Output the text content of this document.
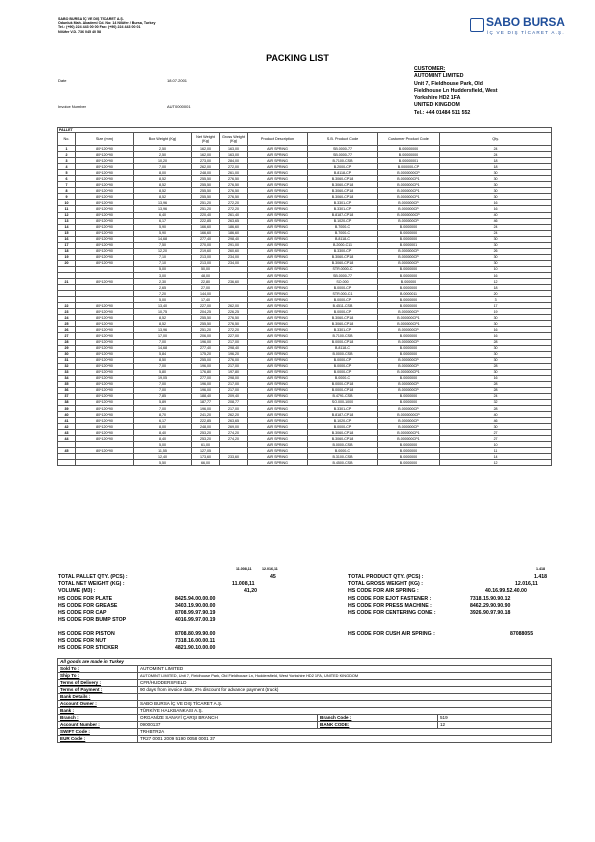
SABO BURSA İÇ VE DIŞ TİCARET A.Ş.
Odunluk Mah. Akademi Cd. No: 14 Nilüfer / Bursa, Turkey
Tel.: (+90) 224 443 00 00 Fax: (+90) 224 443 00 01
Nilüfer V.D. 736 045 40 58
SABO BURSA
İÇ VE DIŞ TİCARET A.Ş.
PACKING LIST
CUSTOMER:
AUTOMINT LIMITED
Unit 7, Fieldhouse Park, Old
Fieldhouse Ln Huddersfield, West
Yorkshire HD2 1FA
UNITED KINGDOM
Tel.: +44 01484 511 552
Date	18.07.2001
Invoice Number	AUT0000001
PALLET								
No.	Size (mm)	Box Weight (Kg)	Net Weight (Kg)	Gross Weight (Kg)	Product Description	S.B. Product Code	Customer Product Code	Qty.
1	80*120*90	2,50	162,00	163,00	AIR SPRING	SB.0000-77	B.00000000	24
2	80*120*90	2,50	162,00	163,00	AIR SPRING	SB.0000-77	B.00000000	24
3	80*120*90	10,20	273,00	284,00	AIR SPRING	B.7100-CSB	B.00000001	18
4	80*120*90	7,00	262,00	272,00	AIR SPRING	B.2000-CP	B.000000-CP	18
5	80*120*90	8,00	248,00	261,00	AIR SPRING	B.8118-CP	B.0000000CP	30
6	80*120*90	8,52	255,50	276,50	AIR SPRING	B.3060-CP18	B.000000CP1	30
7	80*120*90	8,52	255,50	276,50	AIR SPRING	B.3060-CP18	B.000000CP1	30
8	80*120*90	8,52	255,50	276,50	AIR SPRING	B.3060-CP18	B.000000CP1	30
9	80*120*90	8,52	255,50	276,50	AIR SPRING	B.3060-CP18	B.000000CP1	30
10	80*120*90	13,96	251,20	272,20	AIR SPRING	B.3301-CP	B.000000CP	16
11	80*120*90	13,96	251,20	272,20	AIR SPRING	B.3301-CP	B.000000CP	16
12	80*120*90	6,40	220,40	261,40	AIR SPRING	B.8187-CP18	B.0000000CP	40
13	80*120*90	6,17	222,85	263,65	AIR SPRING	B.1020-CP	B.000000CP	46
14	80*120*90	5,90	166,60	186,60	AIR SPRING	B.7000-C	B.0000000	24
15	80*120*90	5,90	166,60	186,60	AIR SPRING	B.7000-C	B.0000000	24
16	80*120*90	14,68	277,40	298,40	AIR SPRING	B.8118-C	B.0000000	30
17	80*120*90	7,50	270,00	291,00	AIR SPRING	B.2000-C11	B.0000001	30
18	80*120*90	12,20	219,60	260,60	AIR SPRING	B.3300-CP	B.000000CP	26
19	80*120*90	7,10	213,00	234,00	AIR SPRING	B.3060-CP18	B.000000CP	30
20	80*120*90	7,10	213,00	234,00	AIR SPRING	B.3060-CP18	B.000000CP	30
		5,00	50,00		AIR SPRING	STR.0000-C	B.0000000	10
		3,00	48,00		AIR SPRING	SB.0000-77	B.0000000	16
21	80*120*90	2,30	22,80	236,60	AIR SPRING	SO.000	B.000000	12
		2,65	27,00		AIR SPRING	B.0000-CP	B.0000000	18
		7,20	144,00		AIR SPRING	STR.000-C1	B.0000011	20
		5,00	17,40		AIR SPRING	B.0000-CP	B.0000000	3
22	80*120*90	13,40	227,00	262,00	AIR SPRING	B.4511-CSB	B.0000000	17
23	80*120*90	10,75	204,25	226,25	AIR SPRING	B.0000-CP	B.000000CP	19
24	80*120*90	8,52	255,50	276,50	AIR SPRING	B.3060-CP18	B.000000CP1	30
25	80*120*90	8,52	255,50	276,50	AIR SPRING	B.3060-CP18	B.000000CP1	30
26	80*120*90	13,96	251,20	272,20	AIR SPRING	B.3301-CP	B.000000CP	16
27	80*120*90	17,00	206,00	227,00	AIR SPRING	B.7100-CSB	B.0000000	16
28	80*120*90	7,00	196,00	217,00	AIR SPRING	B.0000-CP18	B.000000CP	28
29	80*120*90	14,68	277,40	298,40	AIR SPRING	B.8118-C	B.0000000	30
30	80*120*90	5,84	175,20	196,20	AIR SPRING	B.0000-CSB	B.0000000	30
31	80*120*90	8,50	255,00	276,00	AIR SPRING	B.0000-CP	B.000000CP	30
32	80*120*90	7,00	196,00	217,00	AIR SPRING	B.0000-CP	B.000000CP	28
33	80*120*90	5,80	176,80	197,80	AIR SPRING	B.0000-CP	B.000000CP1	30
34	80*120*90	19,05	277,00	298,00	AIR SPRING	B.0000-C	B.0000000	16
35	80*120*90	7,00	196,00	217,00	AIR SPRING	B.0000-CP18	B.000000CP	28
36	80*120*90	7,00	196,00	217,00	AIR SPRING	B.0000-CP18	B.000000CP	28
37	80*120*90	7,85	188,40	209,40	AIR SPRING	B.4791-CSB	B.0000000	24
38	80*120*90	5,89	187,77	208,77	AIR SPRING	SO.000-1000	B.0000000	32
39	80*120*90	7,00	196,00	217,00	AIR SPRING	B.3301-CP	B.000000CP	28
40	80*120*90	8,70	241,20	262,20	AIR SPRING	B.8187-CP18	B.0000000CP	40
41	80*120*90	6,17	222,85	263,65	AIR SPRING	B.1020-CP	B.000000CP	46
42	80*120*90	8,00	248,00	269,00	AIR SPRING	B.0000-CP	B.000000CP	30
43	80*120*90	8,40	253,20	274,20	AIR SPRING	B.3060-CP18	B.000000CP1	27
44	80*120*90	8,40	253,20	274,20	AIR SPRING	B.3060-CP18	B.000000CP1	27
		5,00	61,00		AIR SPRING	B.0000-CSB	B.0000000	10
45	80*120*90	11,55	127,05		AIR SPRING	B.0000-C	B.0000000	11
		12,40	173,60	233,60	AIR SPRING	B.3100-CSB	B.0000000	14
		5,50	66,00		AIR SPRING	B.4500-CSB	B.0000000	12
11.008,11	12.016,11	1.418
TOTAL PALLET QTY. (PCS) :	45
TOTAL NET WEIGHT (KG) :	11.008,11
VOLUME (M3) :	41,20
TOTAL PRODUCT QTY. (PCS) :	1.418
TOTAL GROSS WEIGHT (KG) :	12.016,11
HS CODE FOR AIR SPRING :	40.16.99.52.40.00
HS CODE FOR PLATE	8425.94.00.00.00
HS CODE FOR GREASE	3403.19.90.00.00
HS CODE FOR CAP	8708.99.97.90.19
HS CODE FOR BUMP STOP	4016.99.97.00.19
HS CODE FOR PISTON	8708.80.99.90.00
HS CODE FOR NUT	7318.16.00.00.11
HS CODE FOR STICKER	4821.90.10.00.00
HS CODE FOR EJOT FASTENER :	7318.15.90.90.12
HS CODE FOR PRESS MACHINE :	8462.29.90.90.90
HS CODE FOR CENTERING CONE :	3926.90.97.90.18
HS CODE FOR CUSH AIR SPRING :	87088055
All goods are made in Turkey			
Sold To :	AUTOMINT LIMITED		
Ship To :	AUTOMINT LIMITED, Unit 7, Fieldhouse Park, Old Fieldhouse Ln, Huddersfield, West Yorkshire HD2 1FA, UNITED KINGDOM		
Terms of Delivery :	CFR/HUDDERSFIELD		
Terms of Payment :	90 days from invoice date, 2% discount for advance payment (truck)		
Bank Details :			
Account Owner :	SABO BURSA İÇ VE DIŞ TİCARET A.Ş.		
Bank :	TÜRKİYE HALKBANKASI A.Ş.		
Branch :	ORGANİZE SANAYİ ÇARŞI BRANCH	Branch Code :	519
Account Number :	09000137	BANK CODE:	12
SWIFT Code :	TRHBTR2A		
EUR Code :	TR27 0001 2009 5190 0058 0001 37		
